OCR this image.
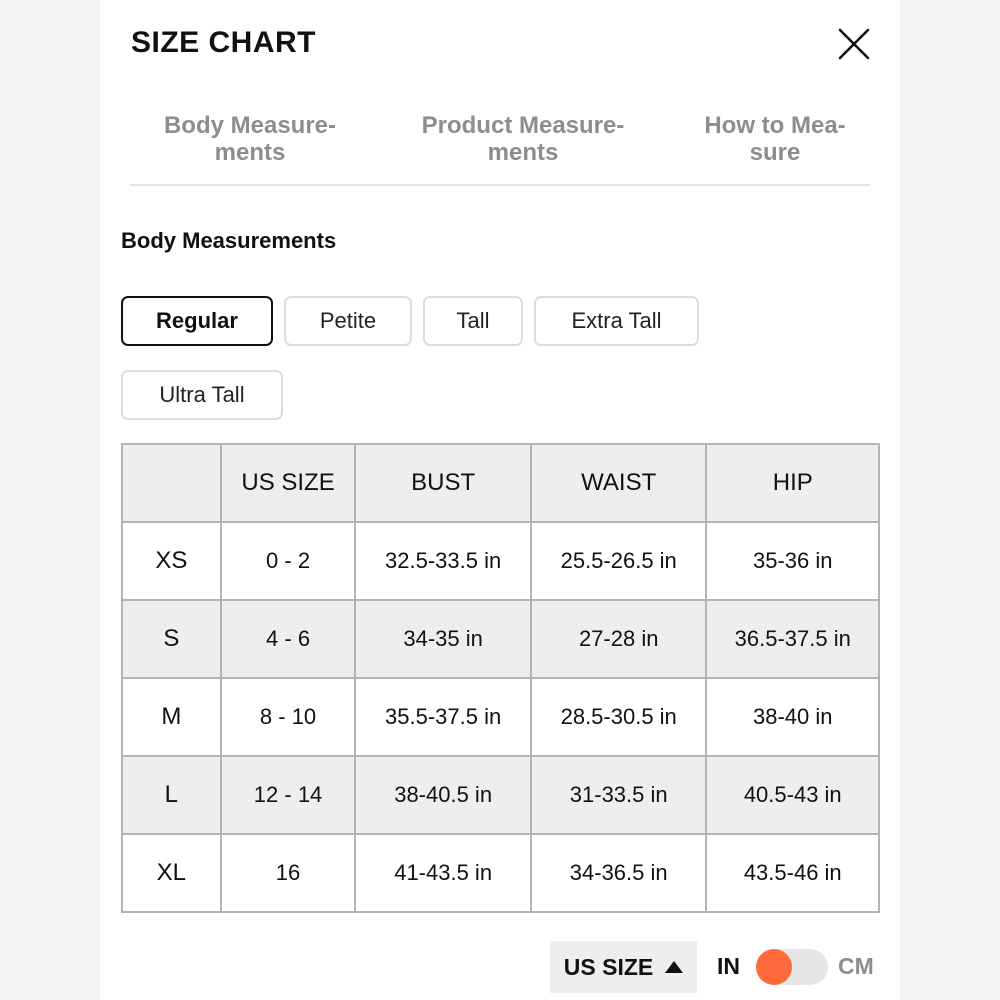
SIZE CHART
Body Measure-
ments
Product Measure-
ments
How to Mea-
sure
Body Measurements
Regular	Petite	Tall	Extra Tall
Ultra Tall
	US SIZE	BUST	WAIST	HIP
XS	0 - 2	32.5-33.5 in	25.5-26.5 in	35-36 in
S	4 - 6	34-35 in	27-28 in	36.5-37.5 in
M	8 - 10	35.5-37.5 in	28.5-30.5 in	38-40 in
L	12 - 14	38-40.5 in	31-33.5 in	40.5-43 in
XL	16	41-43.5 in	34-36.5 in	43.5-46 in
US SIZE	IN	CM
